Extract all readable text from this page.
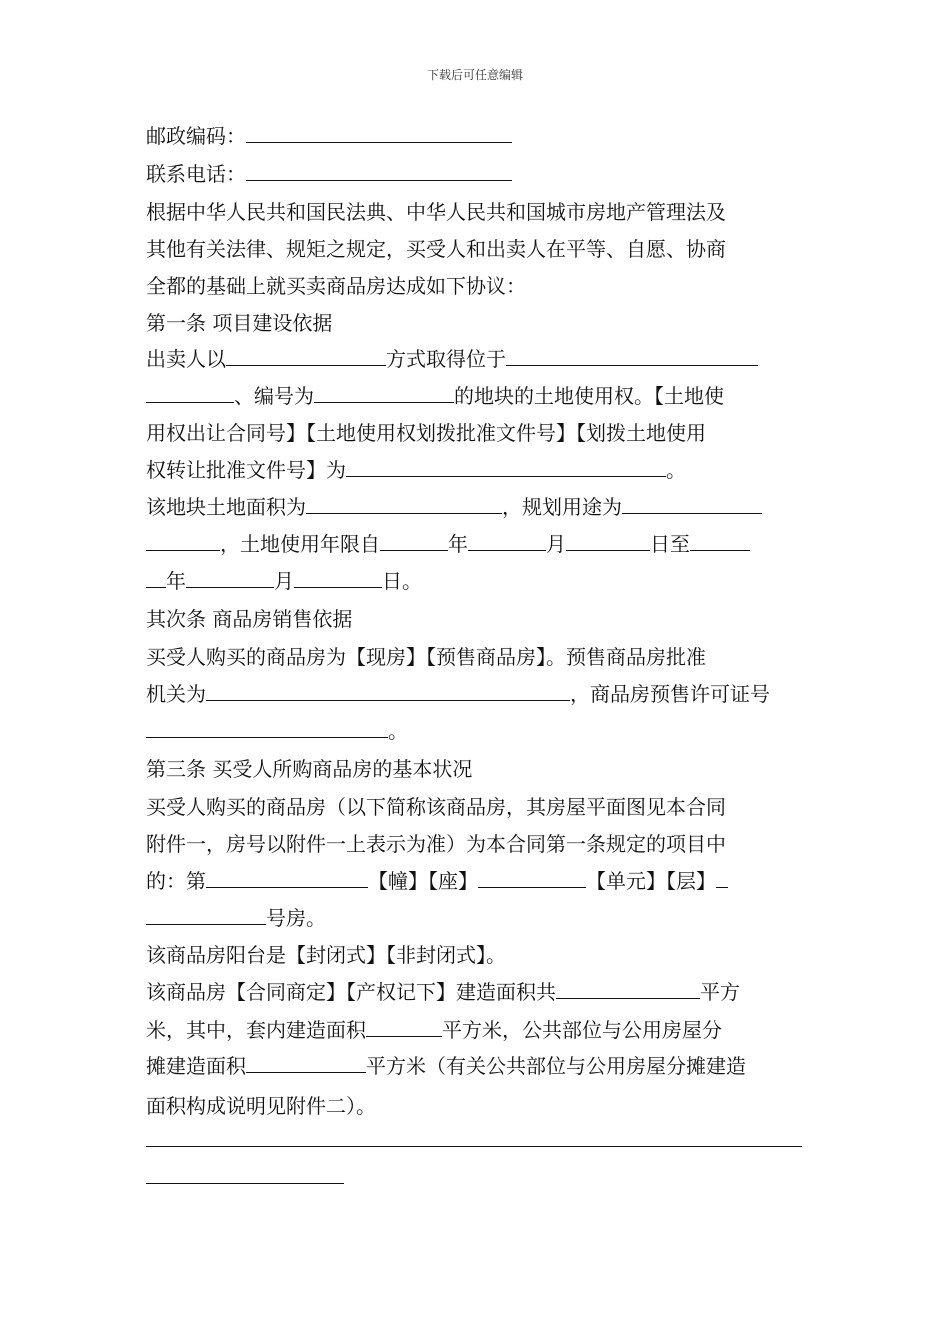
下载后可任意编辑
邮政编码：
联系电话：
根据中华人民共和国民法典、中华人民共和国城市房地产管理法及
其他有关法律、规矩之规定，买受人和出卖人在平等、自愿、协商
全都的基础上就买卖商品房达成如下协议：
第一条 项目建设依据
出卖人以	方式取得位于
、编号为	的地块的土地使用权。【土地使
用权出让合同号】【土地使用权划拨批准文件号】【划拨土地使用
权转让批准文件号】为	。
该地块土地面积为	，规划用途为
，土地使用年限自	年	月	日至
年	月	日。
其次条 商品房销售依据
买受人购买的商品房为【现房】【预售商品房】。预售商品房批准
机关为	，商品房预售许可证号
。
第三条 买受人所购商品房的基本状况
买受人购买的商品房（以下简称该商品房，其房屋平面图见本合同
附件一，房号以附件一上表示为准）为本合同第一条规定的项目中
的：第	【幢】【座】	【单元】【层】
号房。
该商品房阳台是【封闭式】【非封闭式】。
该商品房【合同商定】【产权记下】建造面积共	平方
米，其中，套内建造面积	平方米，公共部位与公用房屋分
摊建造面积	平方米（有关公共部位与公用房屋分摊建造
面积构成说明见附件二）。
